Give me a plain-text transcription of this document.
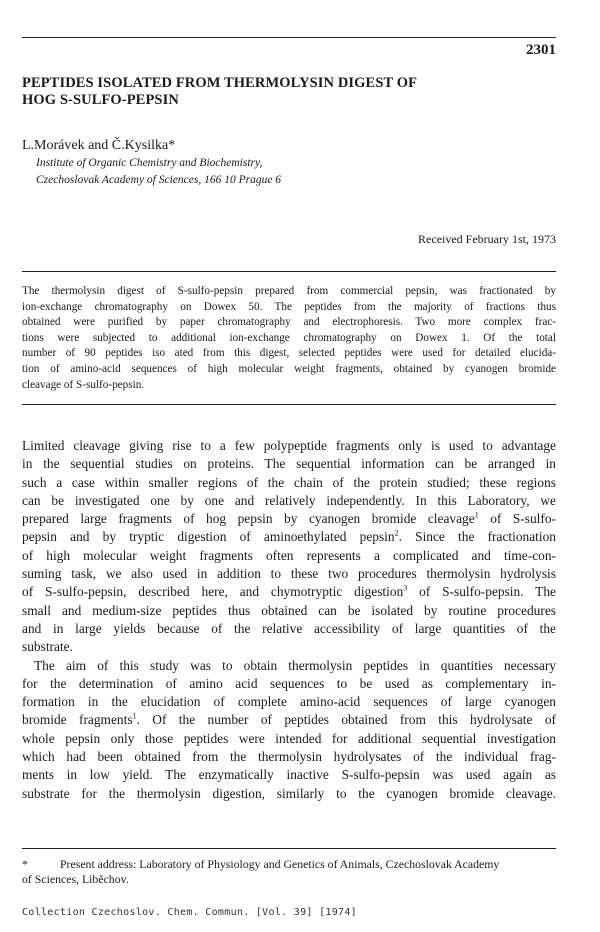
2301
PEPTIDES ISOLATED FROM THERMOLYSIN DIGEST OF
HOG S-SULFO-PEPSIN
L.Morávek and Č.Kysilka*
Institute of Organic Chemistry and Biochemistry,
Czechoslovak Academy of Sciences, 166 10 Prague 6
Received February 1st, 1973
The thermolysin digest of S-sulfo-pepsin prepared from commercial pepsin, was fractionated by
ion-exchange chromatography on Dowex 50. The peptides from the majority of fractions thus
obtained were purified by paper chromatography and electrophoresis. Two more complex frac-
tions were subjected to additional ion-exchange chromatography on Dowex 1. Of the total
number of 90 peptides iso ated from this digest, selected peptides were used for detailed elucida-
tion of amino-acid sequences of high molecular weight fragments, obtained by cyanogen bromide
cleavage of S-sulfo-pepsin.
Limited cleavage giving rise to a few polypeptide fragments only is used to advantage
in the sequential studies on proteins. The sequential information can be arranged in
such a case within smaller regions of the chain of the protein studied; these regions
can be investigated one by one and relatively independently. In this Laboratory, we
prepared large fragments of hog pepsin by cyanogen bromide cleavage$^1$ of S-sulfo-
pepsin and by tryptic digestion of aminoethylated pepsin$^2$. Since the fractionation
of high molecular weight fragments often represents a complicated and time-con-
suming task, we also used in addition to these two procedures thermolysin hydrolysis
of S-sulfo-pepsin, described here, and chymotryptic digestion$^3$ of S-sulfo-pepsin. The
small and medium-size peptides thus obtained can be isolated by routine procedures
and in large yields because of the relative accessibility of large quantities of the
substrate.
The aim of this study was to obtain thermolysin peptides in quantities necessary
for the determination of amino acid sequences to be used as complementary in-
formation in the elucidation of complete amino-acid sequences of large cyanogen
bromide fragments$^1$. Of the number of peptides obtained from this hydrolysate of
whole pepsin only those peptides were intended for additional sequential investigation
which had been obtained from the thermolysin hydrolysates of the individual frag-
ments in low yield. The enzymatically inactive S-sulfo-pepsin was used again as
substrate for the thermolysin digestion, similarly to the cyanogen bromide cleavage.
*	Present address: Laboratory of Physiology and Genetics of Animals, Czechoslovak Academy
of Sciences, Liběchov.
Collection Czechoslov. Chem. Commun. [Vol. 39] [1974]
